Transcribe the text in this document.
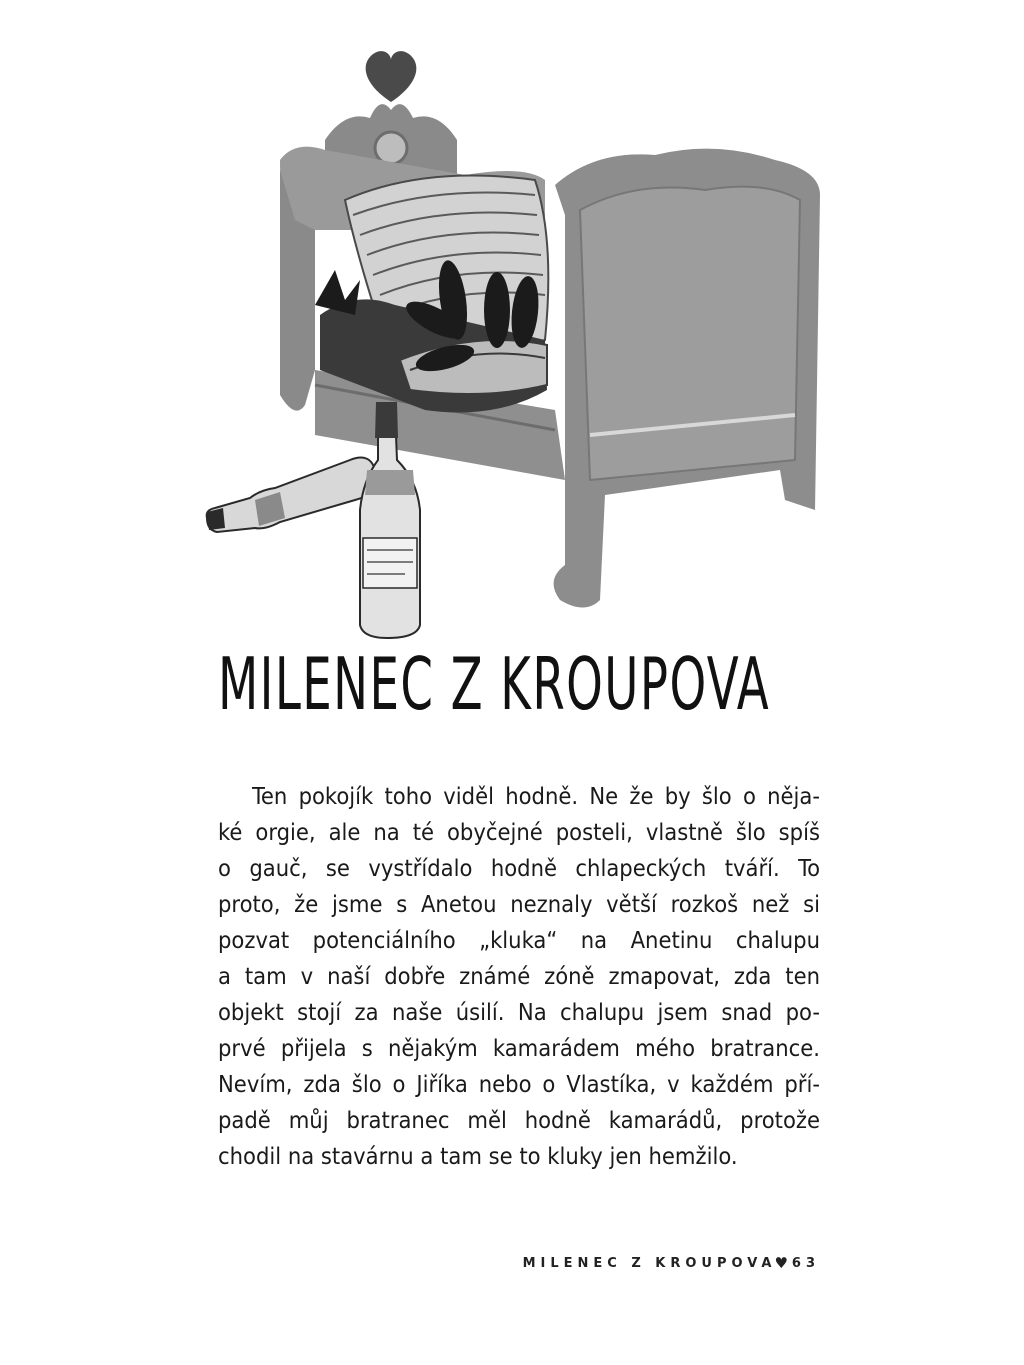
MILENEC Z KROUPOVA
Ten pokojík toho viděl hodně. Ne že by šlo o něja-
ké orgie, ale na té obyčejné posteli, vlastně šlo spíš
o gauč, se vystřídalo hodně chlapeckých tváří. To
proto, že jsme s Anetou neznaly větší rozkoš než si
pozvat potenciálního „kluka“ na Anetinu chalupu
a tam v naší dobře známé zóně zmapovat, zda ten
objekt stojí za naše úsilí. Na chalupu jsem snad po-
prvé přijela s nějakým kamarádem mého bratrance.
Nevím, zda šlo o Jiříka nebo o Vlastíka, v každém pří-
padě můj bratranec měl hodně kamarádů, protože
chodil na stavárnu a tam se to kluky jen hemžilo.
MILENEC Z KROUPOVA
♥ 63
